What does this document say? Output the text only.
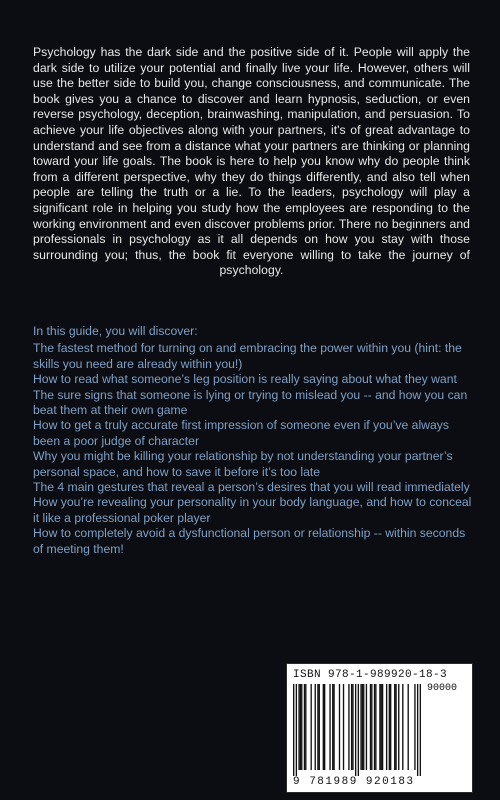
Psychology has the dark side and the positive side of it. People will apply the dark side to utilize your potential and finally live your life. However, others will use the better side to build you, change consciousness, and communicate. The book gives you a chance to discover and learn hypnosis, seduction, or even reverse psychology, deception, brainwashing, manipulation, and persuasion. To achieve your life objectives along with your partners, it's of great advantage to understand and see from a distance what your partners are thinking or planning toward your life goals. The book is here to help you know why do people think from a different perspective, why they do things differently, and also tell when people are telling the truth or a lie. To the leaders, psychology will play a significant role in helping you study how the employees are responding to the working environment and even discover problems prior. There no beginners and professionals in psychology as it all depends on how you stay with those surrounding you; thus, the book fit everyone willing to take the journey of psychology.

In this guide, you will discover:

The fastest method for turning on and embracing the power within you (hint: the skills you need are already within you!)
How to read what someone’s leg position is really saying about what they want
The sure signs that someone is lying or trying to mislead you -- and how you can beat them at their own game
How to get a truly accurate first impression of someone even if you’ve always been a poor judge of character
Why you might be killing your relationship by not understanding your partner’s personal space, and how to save it before it’s too late
The 4 main gestures that reveal a person’s desires that you will read immediately
How you’re revealing your personality in your body language, and how to conceal it like a professional poker player
How to completely avoid a dysfunctional person or relationship -- within seconds of meeting them!
ISBN 978-1-989920-18-3
90000
9 781989 920183
